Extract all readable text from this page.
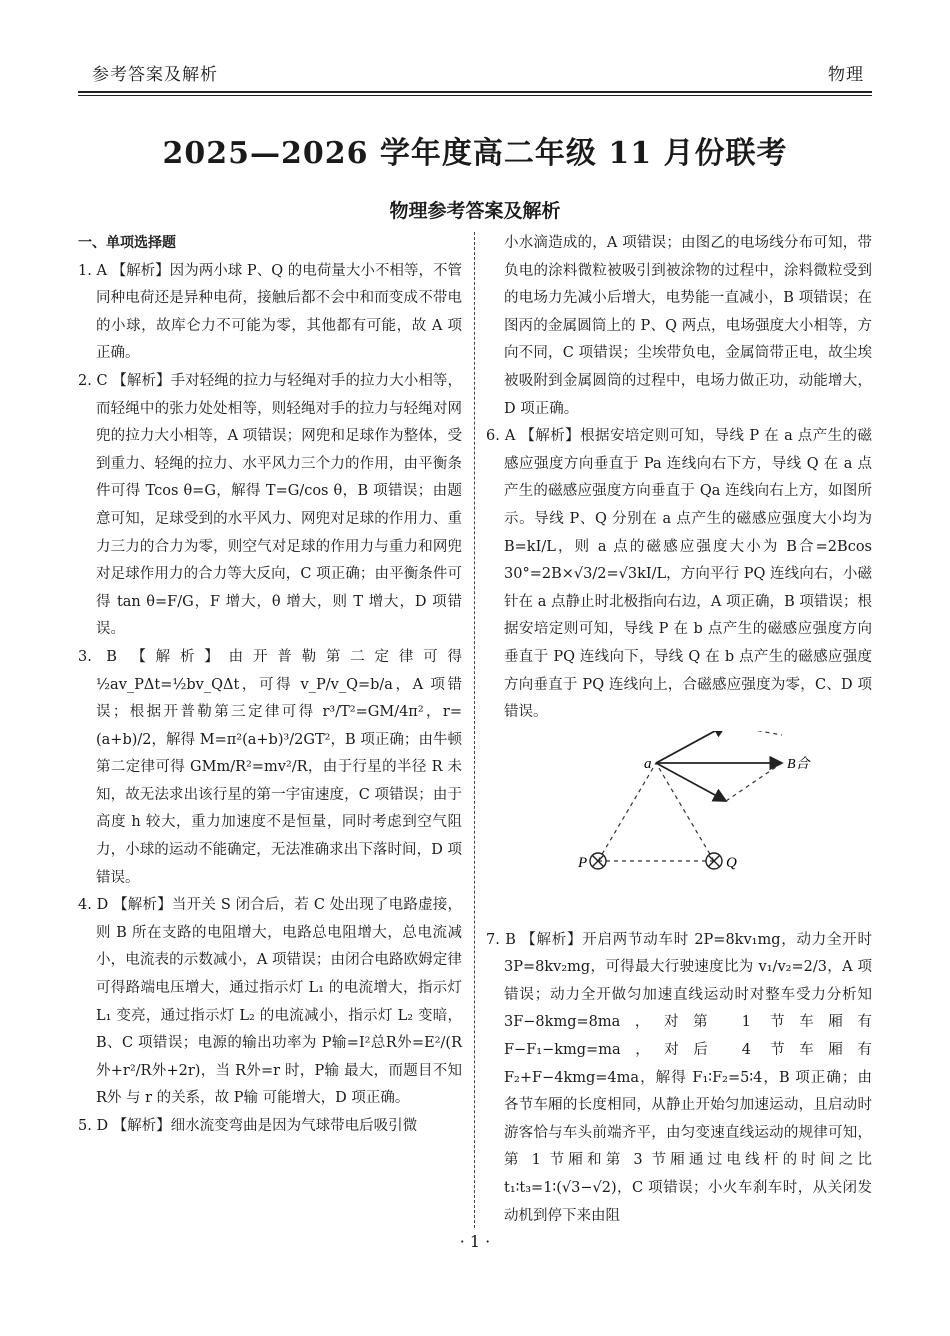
参考答案及解析	物理
2025—2026 学年度高二年级 11 月份联考
物理参考答案及解析

一、单项选择题

1. A 【解析】因为两小球 P、Q 的电荷量大小不相等，不管同种电荷还是异种电荷，接触后都不会中和而变成不带电的小球，故库仑力不可能为零，其他都有可能，故 A 项正确。

2. C 【解析】手对轻绳的拉力与轻绳对手的拉力大小相等，而轻绳中的张力处处相等，则轻绳对手的拉力与轻绳对网兜的拉力大小相等，A 项错误；网兜和足球作为整体，受到重力、轻绳的拉力、水平风力三个力的作用，由平衡条件可得 Tcos θ=G，解得 T=G/cos θ，B 项错误；由题意可知，足球受到的水平风力、网兜对足球的作用力、重力三力的合力为零，则空气对足球的作用力与重力和网兜对足球作用力的合力等大反向，C 项正确；由平衡条件可得 tan θ=F/G，F 增大，θ 增大，则 T 增大，D 项错误。

3. B 【解析】由开普勒第二定律可得 ½av_PΔt=½bv_QΔt，可得 v_P/v_Q=b/a，A 项错误；根据开普勒第三定律可得 r³/T²=GM/4π²，r=(a+b)/2，解得 M=π²(a+b)³/2GT²，B 项正确；由牛顿第二定律可得 GMm/R²=mv²/R，由于行星的半径 R 未知，故无法求出该行星的第一宇宙速度，C 项错误；由于高度 h 较大，重力加速度不是恒量，同时考虑到空气阻力，小球的运动不能确定，无法准确求出下落时间，D 项错误。

4. D 【解析】当开关 S 闭合后，若 C 处出现了电路虚接，则 B 所在支路的电阻增大，电路总电阻增大，总电流减小，电流表的示数减小，A 项错误；由闭合电路欧姆定律可得路端电压增大，通过指示灯 L₁ 的电流增大，指示灯 L₁ 变亮，通过指示灯 L₂ 的电流减小，指示灯 L₂ 变暗，B、C 项错误；电源的输出功率为 P输=I²总R外=E²/(R外+r²/R外+2r)，当 R外=r 时，P输 最大，而题目不知 R外 与 r 的关系，故 P输 可能增大，D 项正确。

5. D 【解析】细水流变弯曲是因为气球带电后吸引微

小水滴造成的，A 项错误；由图乙的电场线分布可知，带负电的涂料微粒被吸引到被涂物的过程中，涂料微粒受到的电场力先减小后增大，电势能一直减小，B 项错误；在图丙的金属圆筒上的 P、Q 两点，电场强度大小相等，方向不同，C 项错误；尘埃带负电，金属筒带正电，故尘埃被吸附到金属圆筒的过程中，电场力做正功，动能增大，D 项正确。

6. A 【解析】根据安培定则可知，导线 P 在 a 点产生的磁感应强度方向垂直于 Pa 连线向右下方，导线 Q 在 a 点产生的磁感应强度方向垂直于 Qa 连线向右上方，如图所示。导线 P、Q 分别在 a 点产生的磁感应强度大小均为 B=kI/L，则 a 点的磁感应强度大小为 B合=2Bcos 30°=2B×√3/2=√3kI/L，方向平行 PQ 连线向右，小磁针在 a 点静止时北极指向右边，A 项正确，B 项错误；根据安培定则可知，导线 P 在 b 点产生的磁感应强度方向垂直于 PQ 连线向下，导线 Q 在 b 点产生的磁感应强度方向垂直于 PQ 连线向上，合磁感应强度为零，C、D 项错误。

a	B合
P	Q

7. B 【解析】开启两节动车时 2P=8kv₁mg，动力全开时 3P=8kv₂mg，可得最大行驶速度比为 v₁/v₂=2/3，A 项错误；动力全开做匀加速直线运动时对整车受力分析知 3F−8kmg=8ma，对第 1 节车厢有 F−F₁−kmg=ma，对后 4 节车厢有 F₂+F−4kmg=4ma，解得 F₁∶F₂=5∶4，B 项正确；由各节车厢的长度相同，从静止开始匀加速运动，且启动时游客恰与车头前端齐平，由匀变速直线运动的规律可知，第 1 节厢和第 3 节厢通过电线杆的时间之比 t₁∶t₃=1∶(√3−√2)，C 项错误；小火车刹车时，从关闭发动机到停下来由阻

· 1 ·
